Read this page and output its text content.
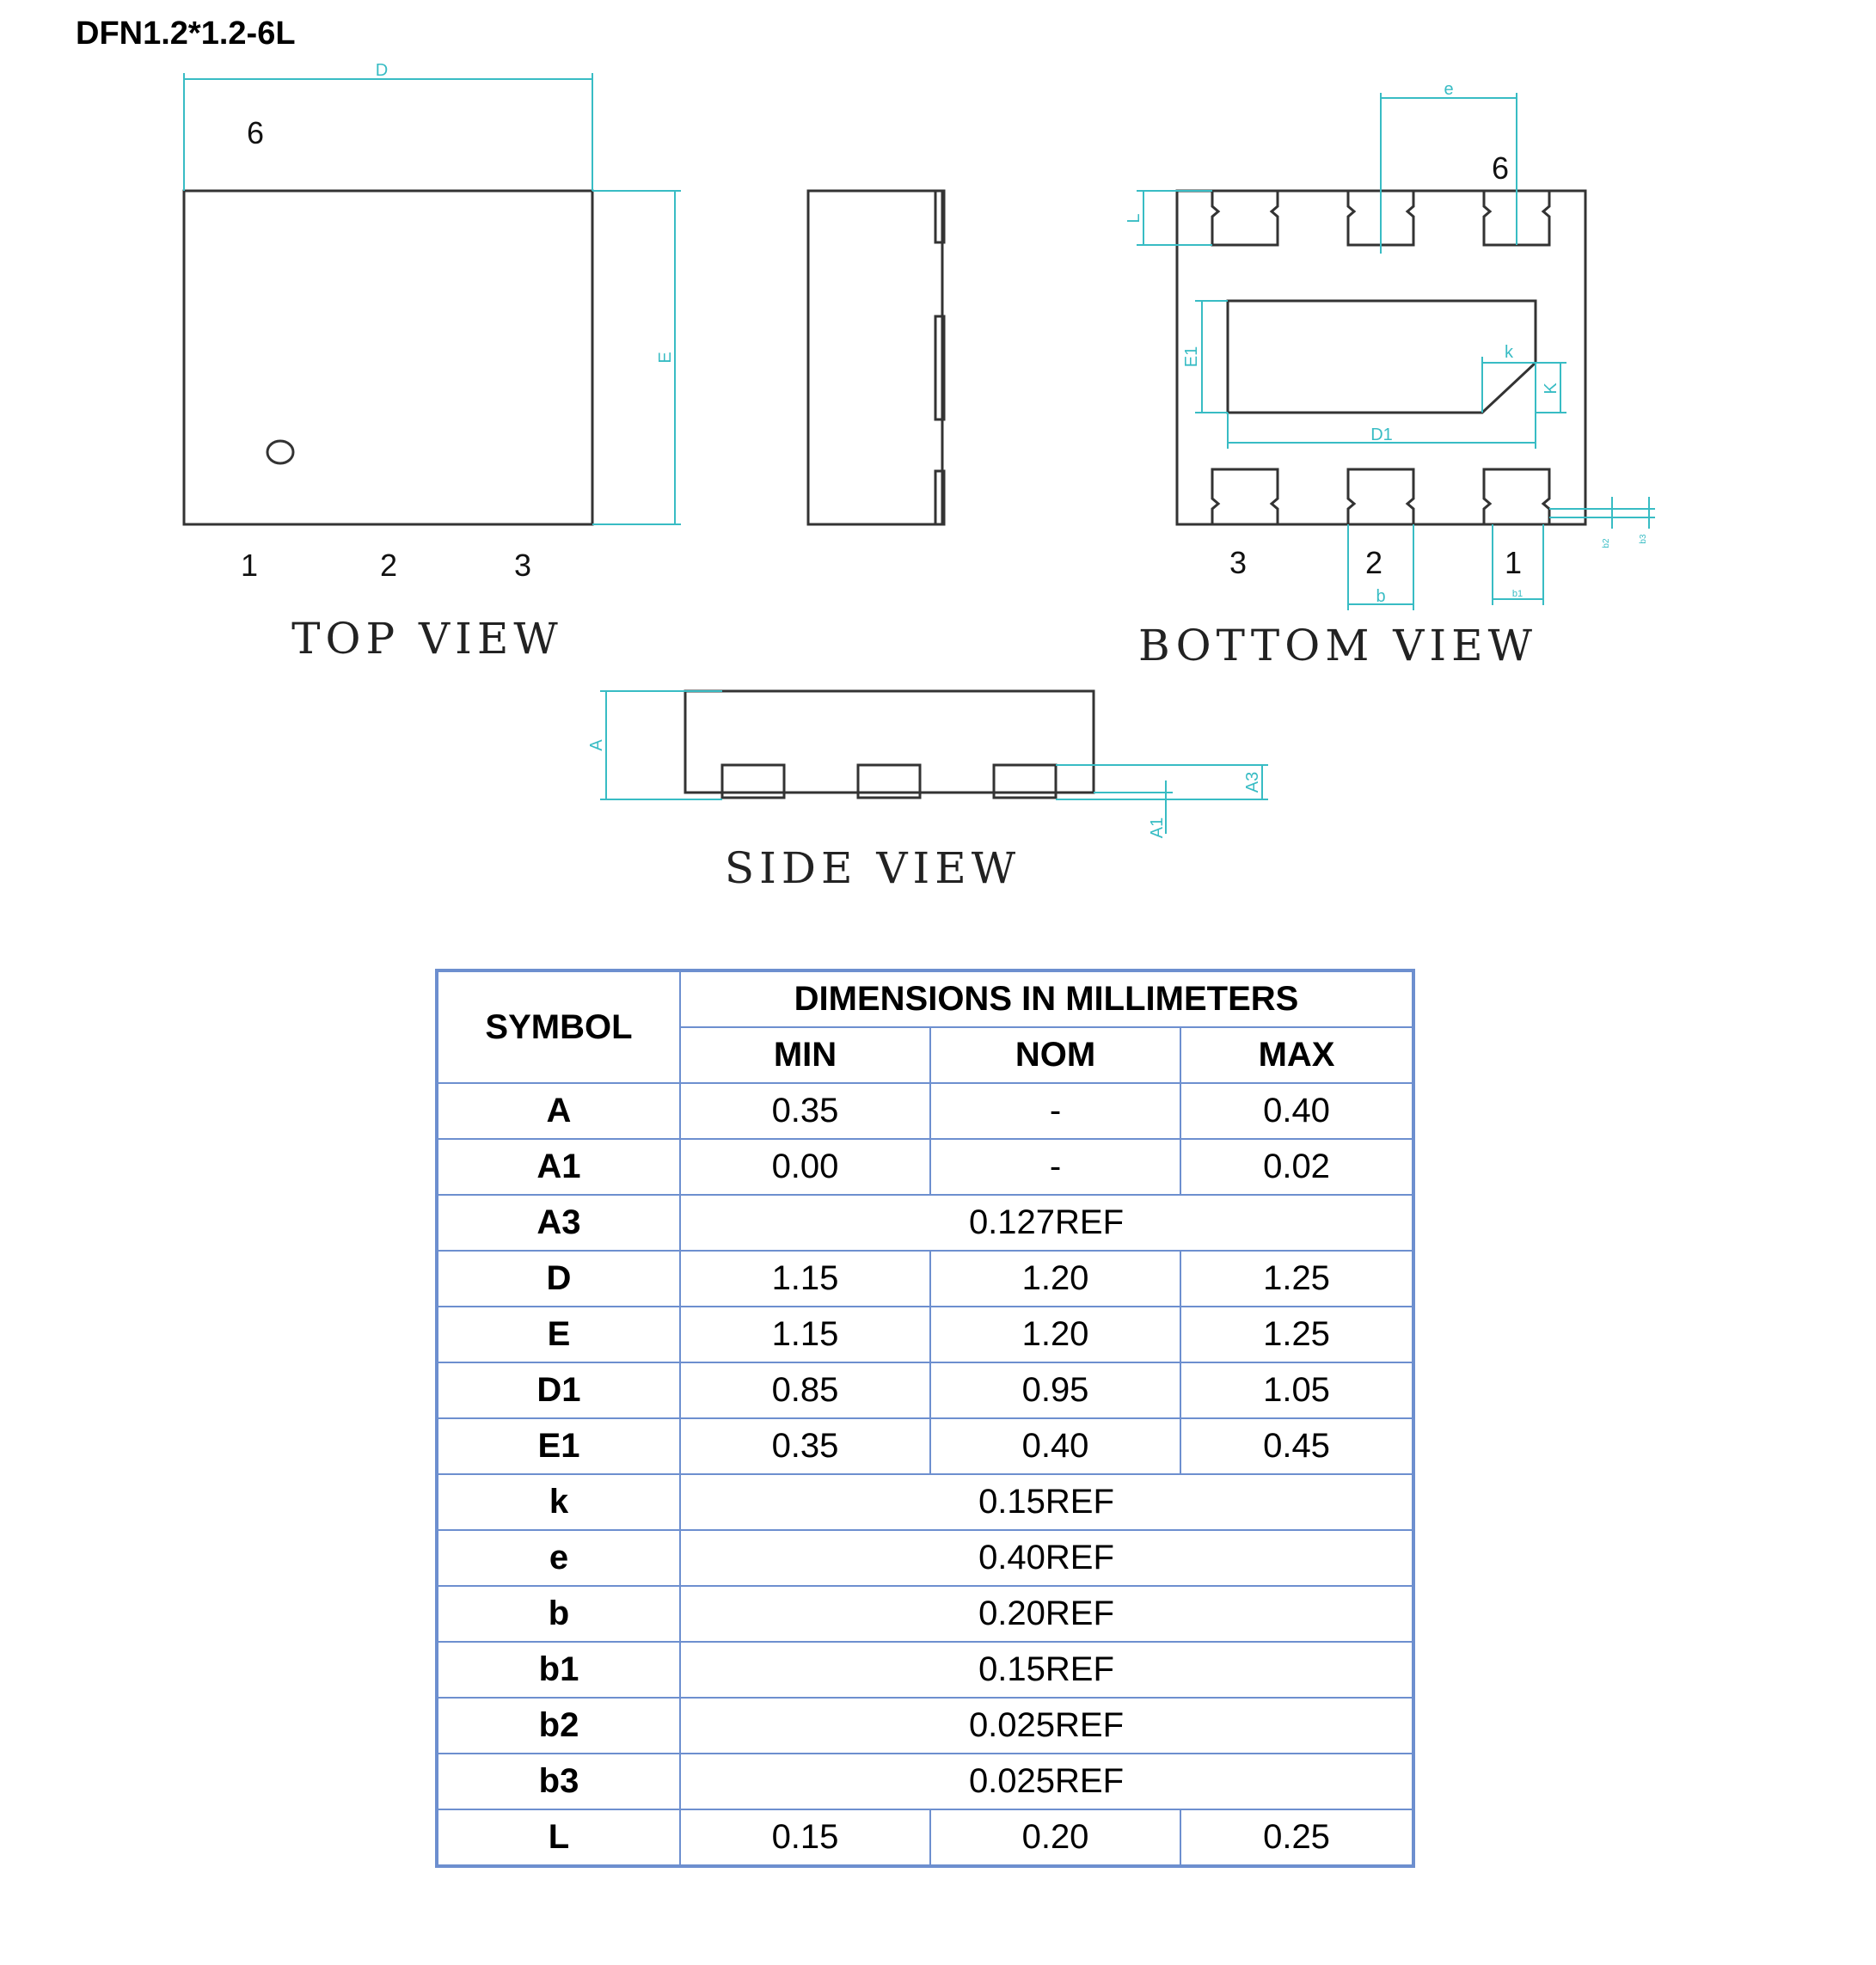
DFN1.2*1.2-6L
D
E
6
1	2	3
TOP VIEW
e
L
E1
D1
k
K
b	b1
b2	b3
6
3	2	1
BOTTOM VIEW
A
A3
A1
SIDE VIEW
SYMBOL	DIMENSIONS IN MILLIMETERS		
	MIN	NOM	MAX
A	0.35	-	0.40
A1	0.00	-	0.02
A3	0.127REF		
D	1.15	1.20	1.25
E	1.15	1.20	1.25
D1	0.85	0.95	1.05
E1	0.35	0.40	0.45
k	0.15REF		
e	0.40REF		
b	0.20REF		
b1	0.15REF		
b2	0.025REF		
b3	0.025REF		
L	0.15	0.20	0.25
